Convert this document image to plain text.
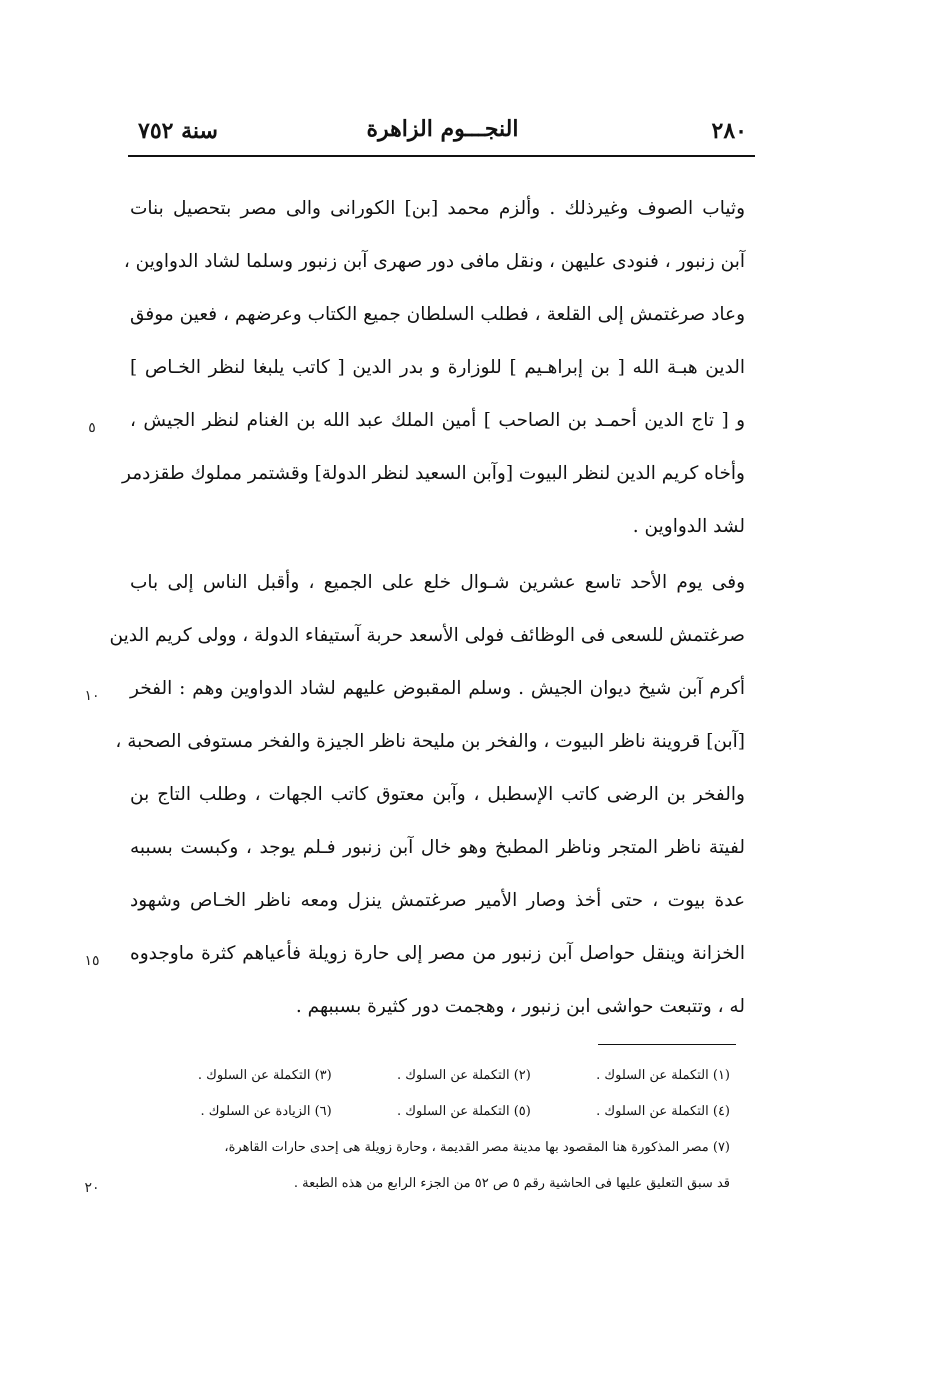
٢٨٠
النجـــوم الزاهرة
سنة ٧٥٢
وثياب الصوف وغيرذلك . وألزم محمد [بن] الكورانى والى مصر بتحصيل بنات
آبن زنبور ، فنودى عليهن ، ونقل مافى دور صهرى آبن زنبور وسلما لشاد الدواوين ،
وعاد صرغتمش إلى القلعة ، فطلب السلطان جميع الكتاب وعرضهم ، فعين موفق
الدين هبـة الله [ بن إبراهـيم ] للوزارة و بدر الدين [ كاتب يلبغا لنظر الخـاص ]
و [ تاج الدين أحمـد بن الصاحب ] أمين الملك عبد الله بن الغنام لنظر الجيش ،
وأخاه كريم الدين لنظر البيوت [وآبن السعيد لنظر الدولة] وقشتمر مملوك طقزدمر
لشد الدواوين .
وفى يوم الأحد تاسع عشرين شـوال خلع على الجميع ، وأقبل الناس إلى باب
صرغتمش للسعى فى الوظائف فولى الأسعد حربة آستيفاء الدولة ، وولى كريم الدين
أكرم آبن شيخ ديوان الجيش . وسلم المقبوض عليهم لشاد الدواوين وهم : الفخر
[آبن] قروينة ناظر البيوت ، والفخر بن مليحة ناظر الجيزة والفخر مستوفى الصحبة ،
والفخر بن الرضى كاتب الإسطبل ، وآبن معتوق كاتب الجهات ، وطلب التاج بن
لفيتة ناظر المتجر وناظر المطبخ وهو خال آبن زنبور فـلم يوجد ، وكبست بسببه
عدة بيوت ، حتى أخذ وصار الأمير صرغتمش ينزل ومعه ناظر الخـاص وشهود
الخزانة وينقل حواصل آبن زنبور من مصر إلى حارة زويلة فأعياهم كثرة ماوجدوه
له ، وتتبعت حواشى ابن زنبور ، وهجمت دور كثيرة بسببهم .
٥
١٠
١٥
٢٠
(١) التكملة عن السلوك . (٢) التكملة عن السلوك . (٣) التكملة عن السلوك .
(٤) التكملة عن السلوك . (٥) التكملة عن السلوك . (٦) الزيادة عن السلوك .
(٧) مصر المذكورة هنا المقصود بها مدينة مصر القديمة ، وحارة زويلة هى إحدى حارات القاهرة،
قد سبق التعليق عليها فى الحاشية رقم ٥ ص ٥٢ من الجزء الرابع من هذه الطبعة .
